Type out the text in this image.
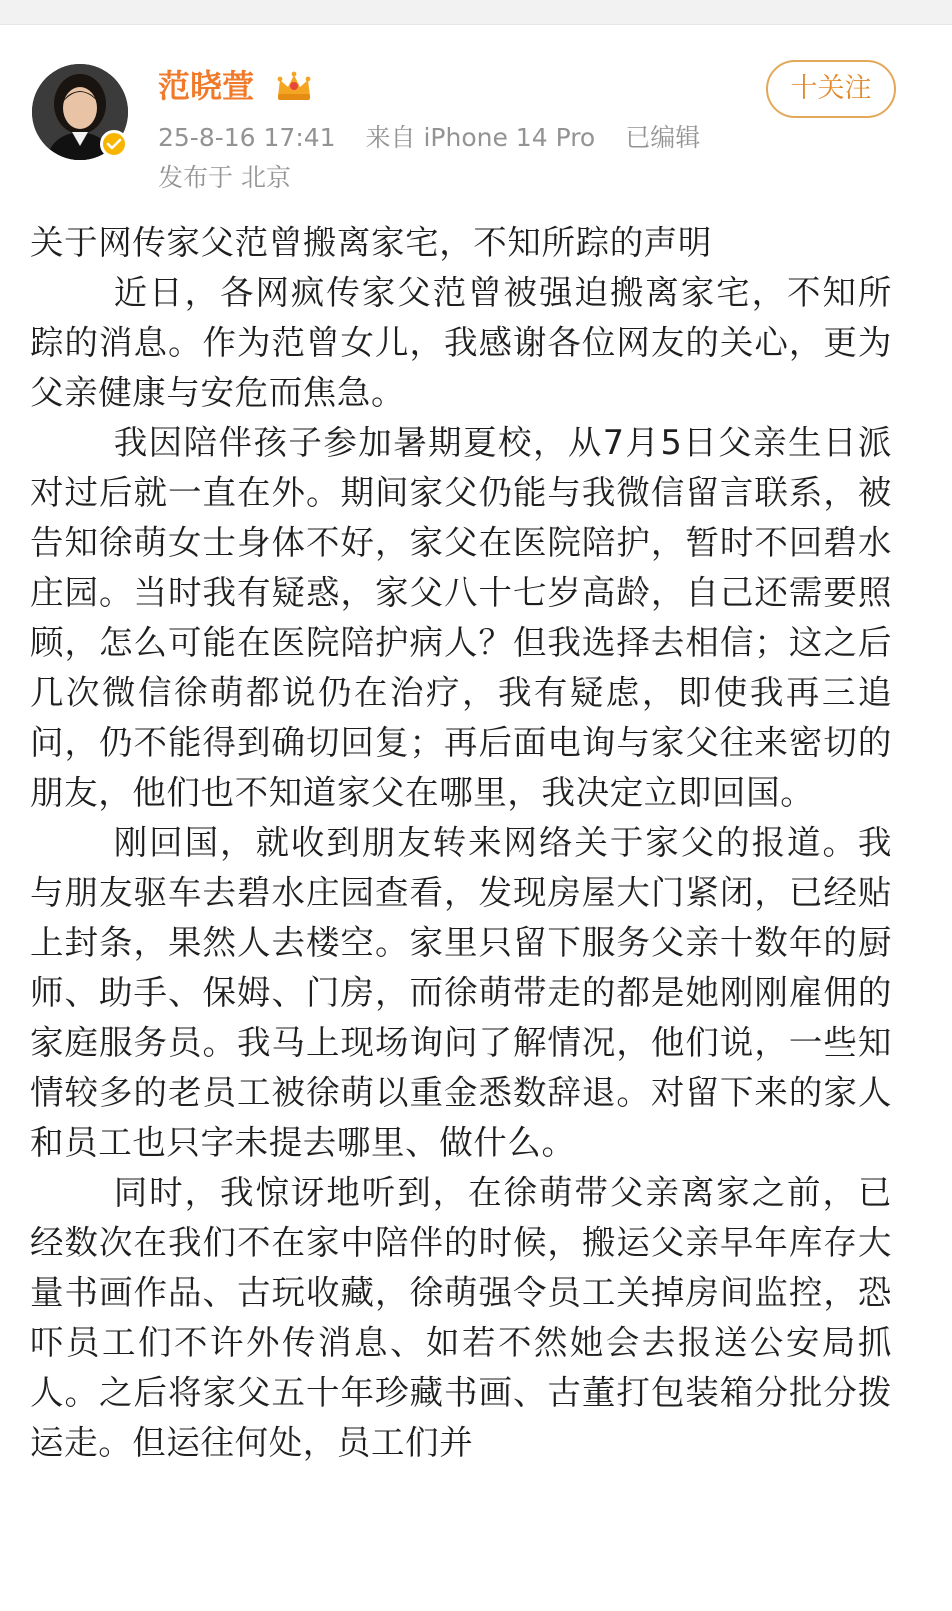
范晓萱
25-8-16 17:41 来自 iPhone 14 Pro 已编辑
发布于 北京
十关注

关于网传家父范曾搬离家宅，不知所踪的声明

近日，各网疯传家父范曾被强迫搬离家宅，不知所踪的消息。作为范曾女儿，我感谢各位网友的关心，更为父亲健康与安危而焦急。

我因陪伴孩子参加暑期夏校，从7月5日父亲生日派对过后就一直在外。期间家父仍能与我微信留言联系，被告知徐萌女士身体不好，家父在医院陪护，暂时不回碧水庄园。当时我有疑惑，家父八十七岁高龄，自己还需要照顾，怎么可能在医院陪护病人？但我选择去相信；这之后几次微信徐萌都说仍在治疗，我有疑虑，即使我再三追问，仍不能得到确切回复；再后面电询与家父往来密切的朋友，他们也不知道家父在哪里，我决定立即回国。

刚回国，就收到朋友转来网络关于家父的报道。我与朋友驱车去碧水庄园查看，发现房屋大门紧闭，已经贴上封条，果然人去楼空。家里只留下服务父亲十数年的厨师、助手、保姆、门房，而徐萌带走的都是她刚刚雇佣的家庭服务员。我马上现场询问了解情况，他们说，一些知情较多的老员工被徐萌以重金悉数辞退。对留下来的家人和员工也只字未提去哪里、做什么。

同时，我惊讶地听到，在徐萌带父亲离家之前，已经数次在我们不在家中陪伴的时候，搬运父亲早年库存大量书画作品、古玩收藏，徐萌强令员工关掉房间监控，恐吓员工们不许外传消息、如若不然她会去报送公安局抓人。之后将家父五十年珍藏书画、古董打包装箱分批分拨运走。但运往何处，员工们并
